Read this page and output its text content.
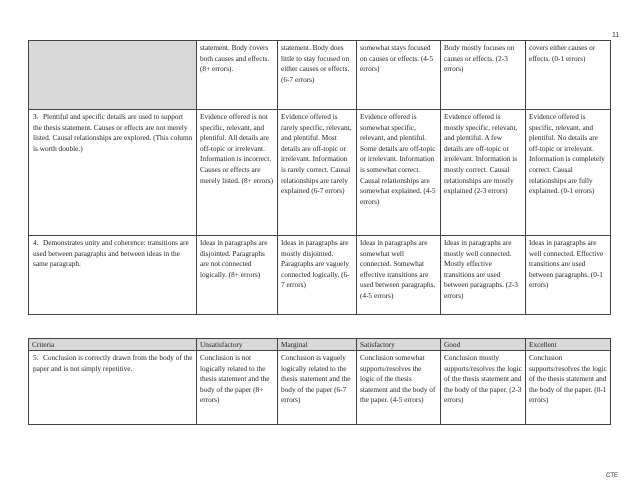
11
	statement. Body covers both causes and effects. (8+ errors).	statement. Body does little to stay focused on either causes or effects. (6-7 errors)	somewhat stays focused on causes or effects. (4-5 errors)	Body mostly focuses on causes or effects. (2-3 errors)	covers either causes or effects. (0-1 errors)
3. Plentiful and specific details are used to support the thesis statement. Causes or effects are not merely listed. Causal relationships are explored. (This column is worth double.)	Evidence offered is not specific, relevant, and plentiful. All details are off-topic or irrelevant. Information is incorrect. Causes or effects are merely listed. (8+ errors)	Evidence offered is rarely specific, relevant, and plentiful. Most details are off-topic or irrelevant. Information is rarely correct. Causal relationships are rarely explained (6-7 errors)	Evidence offered is somewhat specific, relevant, and plentiful. Some details are off-topic or irrelevant. Information is somewhat correct. Causal relationships are somewhat explained. (4-5 errors)	Evidence offered is mostly specific, relevant, and plentiful. A few details are off-topic or irrelevant. Information is mostly correct. Causal relationships are mostly explained (2-3 errors)	Evidence offered is specific, relevant, and plentiful. No details are off-topic or irrelevant. Information is completely correct. Causal relationships are fully explained. (0-1 errors)
4. Demonstrates unity and coherence: transitions are used between paragraphs and between ideas in the same paragraph.	Ideas in paragraphs are disjointed. Paragraphs are not connected logically. (8+ errors)	Ideas in paragraphs are mostly disjointed. Paragraphs are vaguely connected logically. (6-7 errors)	Ideas in paragraphs are somewhat well connected. Somewhat effective transitions are used between paragraphs. (4-5 errors)	Ideas in paragraphs are mostly well connected. Mostly effective transitions are used between paragraphs. (2-3 errors)	Ideas in paragraphs are well connected. Effective transitions are used between paragraphs. (0-1 errors)
Criteria	Unsatisfactory	Marginal	Satisfactory	Good	Excellent
5. Conclusion is correctly drawn from the body of the paper and is not simply repetitive.	Conclusion is not logically related to the thesis statement and the body of the paper (8+ errors)	Conclusion is vaguely logically related to the thesis statement and the body of the paper (6-7 errors)	Conclusion somewhat supports/resolves the logic of the thesis statement and the body of the paper. (4-5 errors)	Conclusion mostly supports/resolves the logic of the thesis statement and the body of the paper. (2-3 errors)	Conclusion supports/resolves the logic of the thesis statement and the body of the paper. (0-1 errors)
CTE
